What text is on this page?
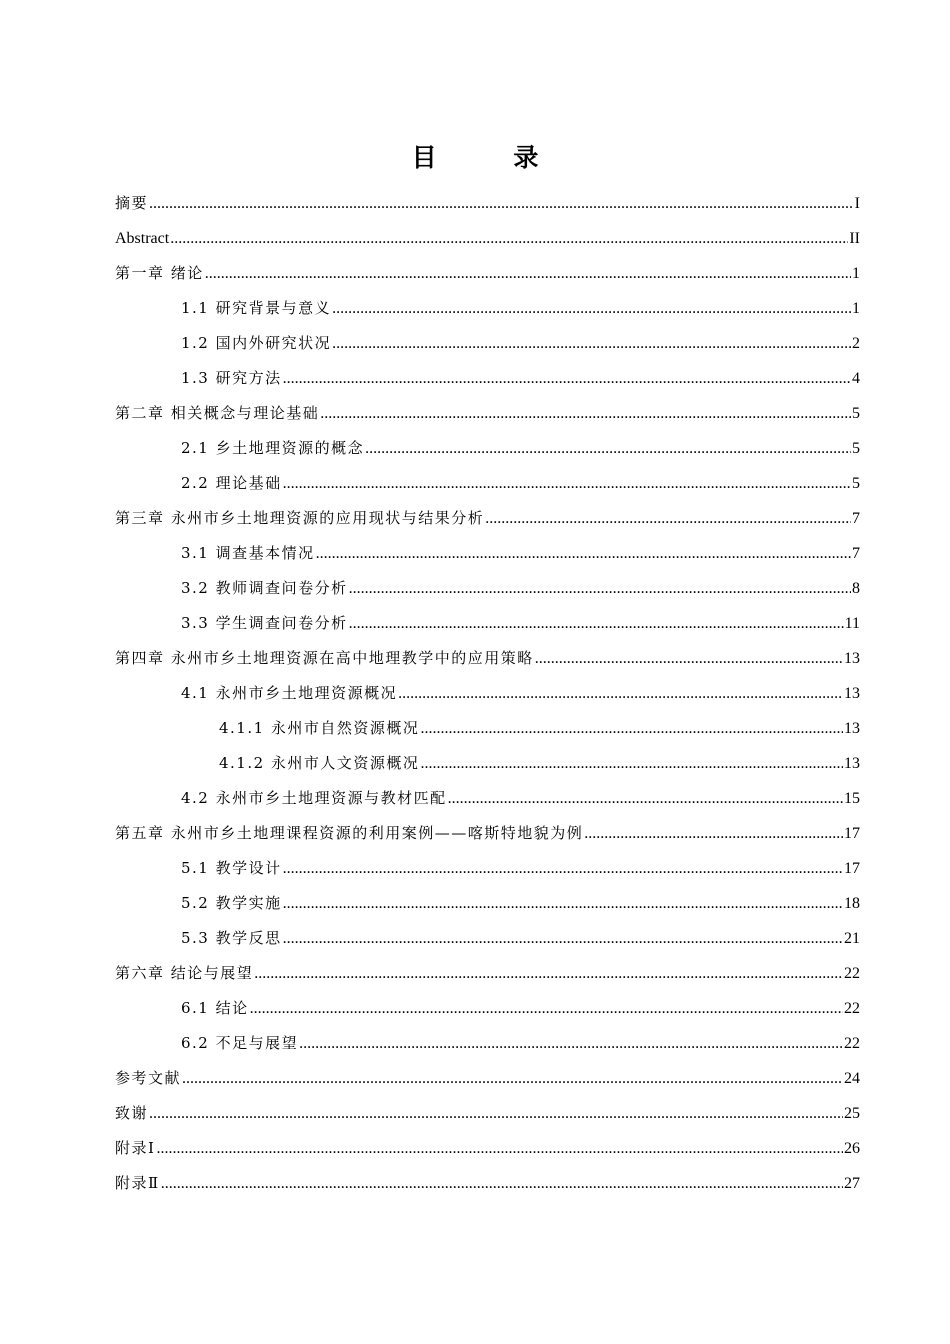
目 录
摘要 .....	I
Abstract .....	II
第一章 绪论 .....	1
1.1 研究背景与意义 .....	1
1.2 国内外研究状况 .....	2
1.3 研究方法 .....	4
第二章 相关概念与理论基础 .....	5
2.1 乡土地理资源的概念 .....	5
2.2 理论基础 .....	5
第三章 永州市乡土地理资源的应用现状与结果分析 .....	7
3.1 调查基本情况 .....	7
3.2 教师调查问卷分析 .....	8
3.3 学生调查问卷分析 .....	11
第四章 永州市乡土地理资源在高中地理教学中的应用策略 .....	13
4.1 永州市乡土地理资源概况 .....	13
4.1.1 永州市自然资源概况 .....	13
4.1.2 永州市人文资源概况 .....	13
4.2 永州市乡土地理资源与教材匹配 .....	15
第五章 永州市乡土地理课程资源的利用案例——喀斯特地貌为例 .....	17
5.1 教学设计 .....	17
5.2 教学实施 .....	18
5.3 教学反思 .....	21
第六章 结论与展望 .....	22
6.1 结论 .....	22
6.2 不足与展望 .....	22
参考文献 .....	24
致谢 .....	25
附录Ⅰ .....	26
附录Ⅱ .....	27
